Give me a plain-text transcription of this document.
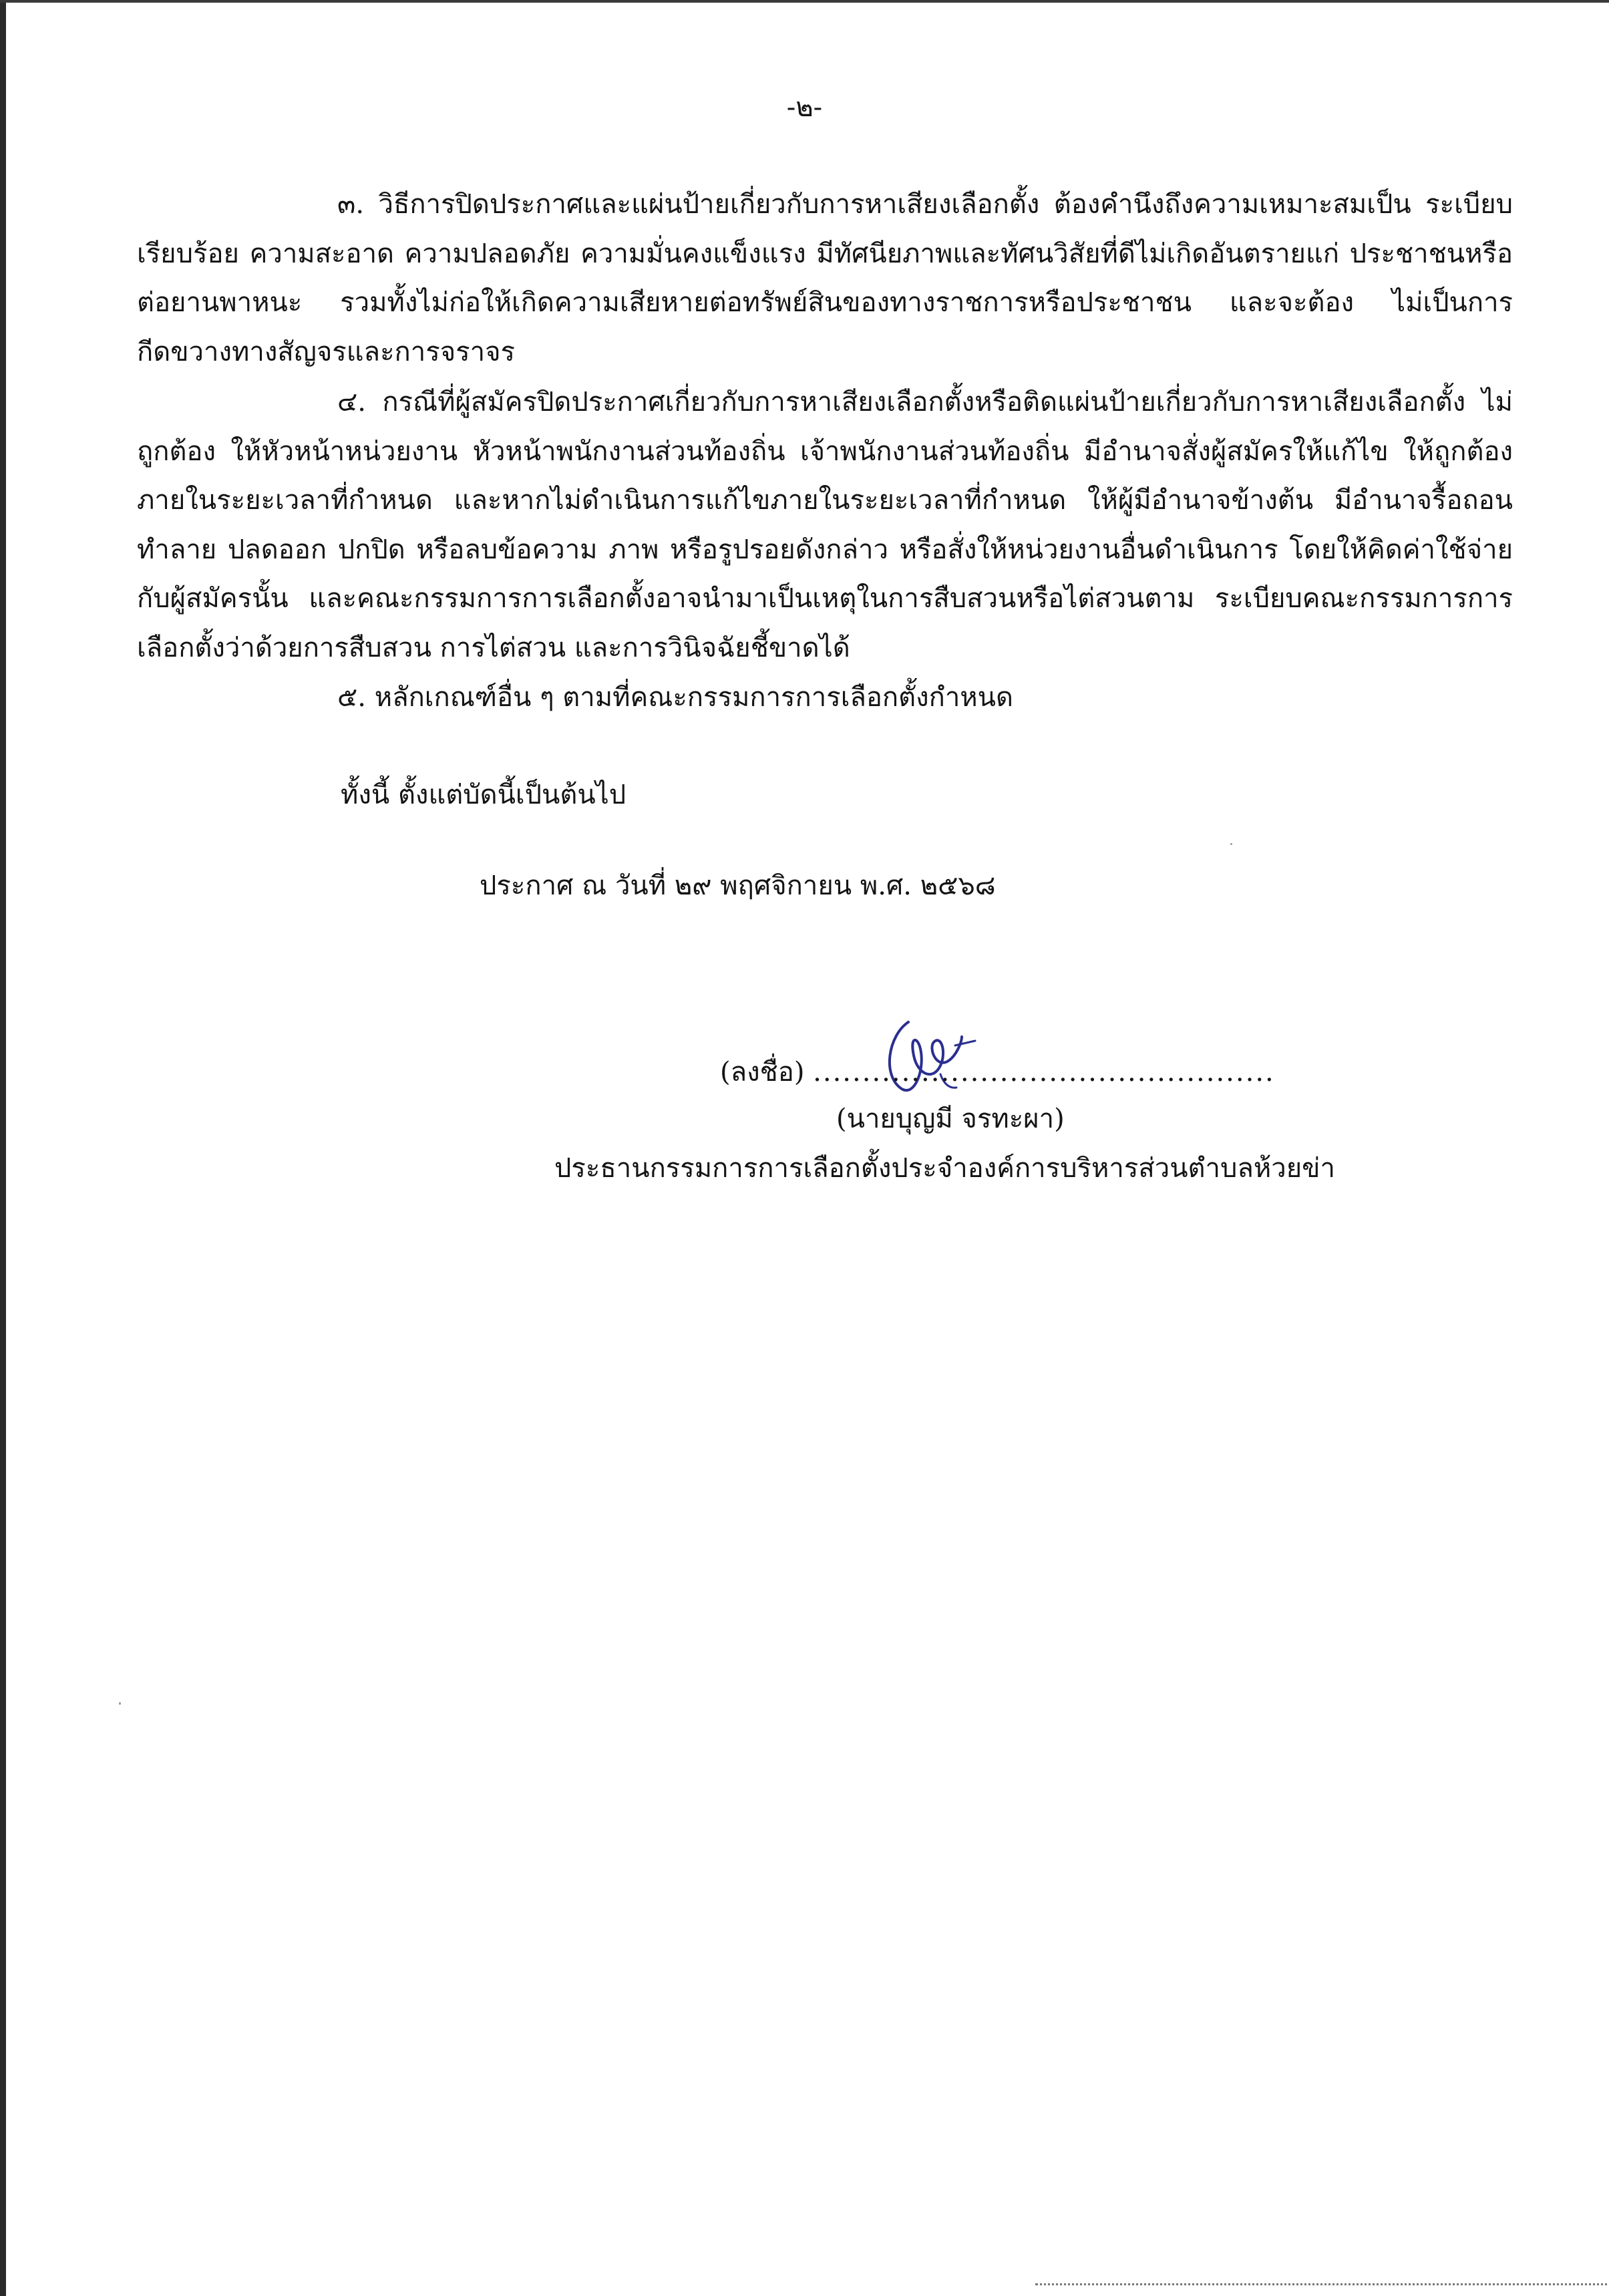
-๒-

๓. วิธีการปิดประกาศและแผ่นป้ายเกี่ยวกับการหาเสียงเลือกตั้ง ต้องคำนึงถึงความเหมาะสมเป็น ระเบียบเรียบร้อย ความสะอาด ความปลอดภัย ความมั่นคงแข็งแรง มีทัศนียภาพและทัศนวิสัยที่ดีไม่เกิดอันตรายแก่ ประชาชนหรือต่อยานพาหนะ รวมทั้งไม่ก่อให้เกิดความเสียหายต่อทรัพย์สินของทางราชการหรือประชาชน และจะต้อง ไม่เป็นการกีดขวางทางสัญจรและการจราจร

๔. กรณีที่ผู้สมัครปิดประกาศเกี่ยวกับการหาเสียงเลือกตั้งหรือติดแผ่นป้ายเกี่ยวกับการหาเสียงเลือกตั้ง ไม่ถูกต้อง ให้หัวหน้าหน่วยงาน หัวหน้าพนักงานส่วนท้องถิ่น เจ้าพนักงานส่วนท้องถิ่น มีอำนาจสั่งผู้สมัครให้แก้ไข ให้ถูกต้องภายในระยะเวลาที่กำหนด และหากไม่ดำเนินการแก้ไขภายในระยะเวลาที่กำหนด ให้ผู้มีอำนาจข้างต้น มีอำนาจรื้อถอน ทำลาย ปลดออก ปกปิด หรือลบข้อความ ภาพ หรือรูปรอยดังกล่าว หรือสั่งให้หน่วยงานอื่นดำเนินการ โดยให้คิดค่าใช้จ่ายกับผู้สมัครนั้น และคณะกรรมการการเลือกตั้งอาจนำมาเป็นเหตุในการสืบสวนหรือไต่สวนตาม ระเบียบคณะกรรมการการเลือกตั้งว่าด้วยการสืบสวน การไต่สวน และการวินิจฉัยชี้ขาดได้

๕. หลักเกณฑ์อื่น ๆ ตามที่คณะกรรมการการเลือกตั้งกำหนด

ทั้งนี้ ตั้งแต่บัดนี้เป็นต้นไป
ประกาศ ณ วันที่ ๒๙ พฤศจิกายน พ.ศ. ๒๕๖๘
(ลงชื่อ) ...............................................
(นายบุญมี จรทะผา)
ประธานกรรมการการเลือกตั้งประจำองค์การบริหารส่วนตำบลห้วยข่า
